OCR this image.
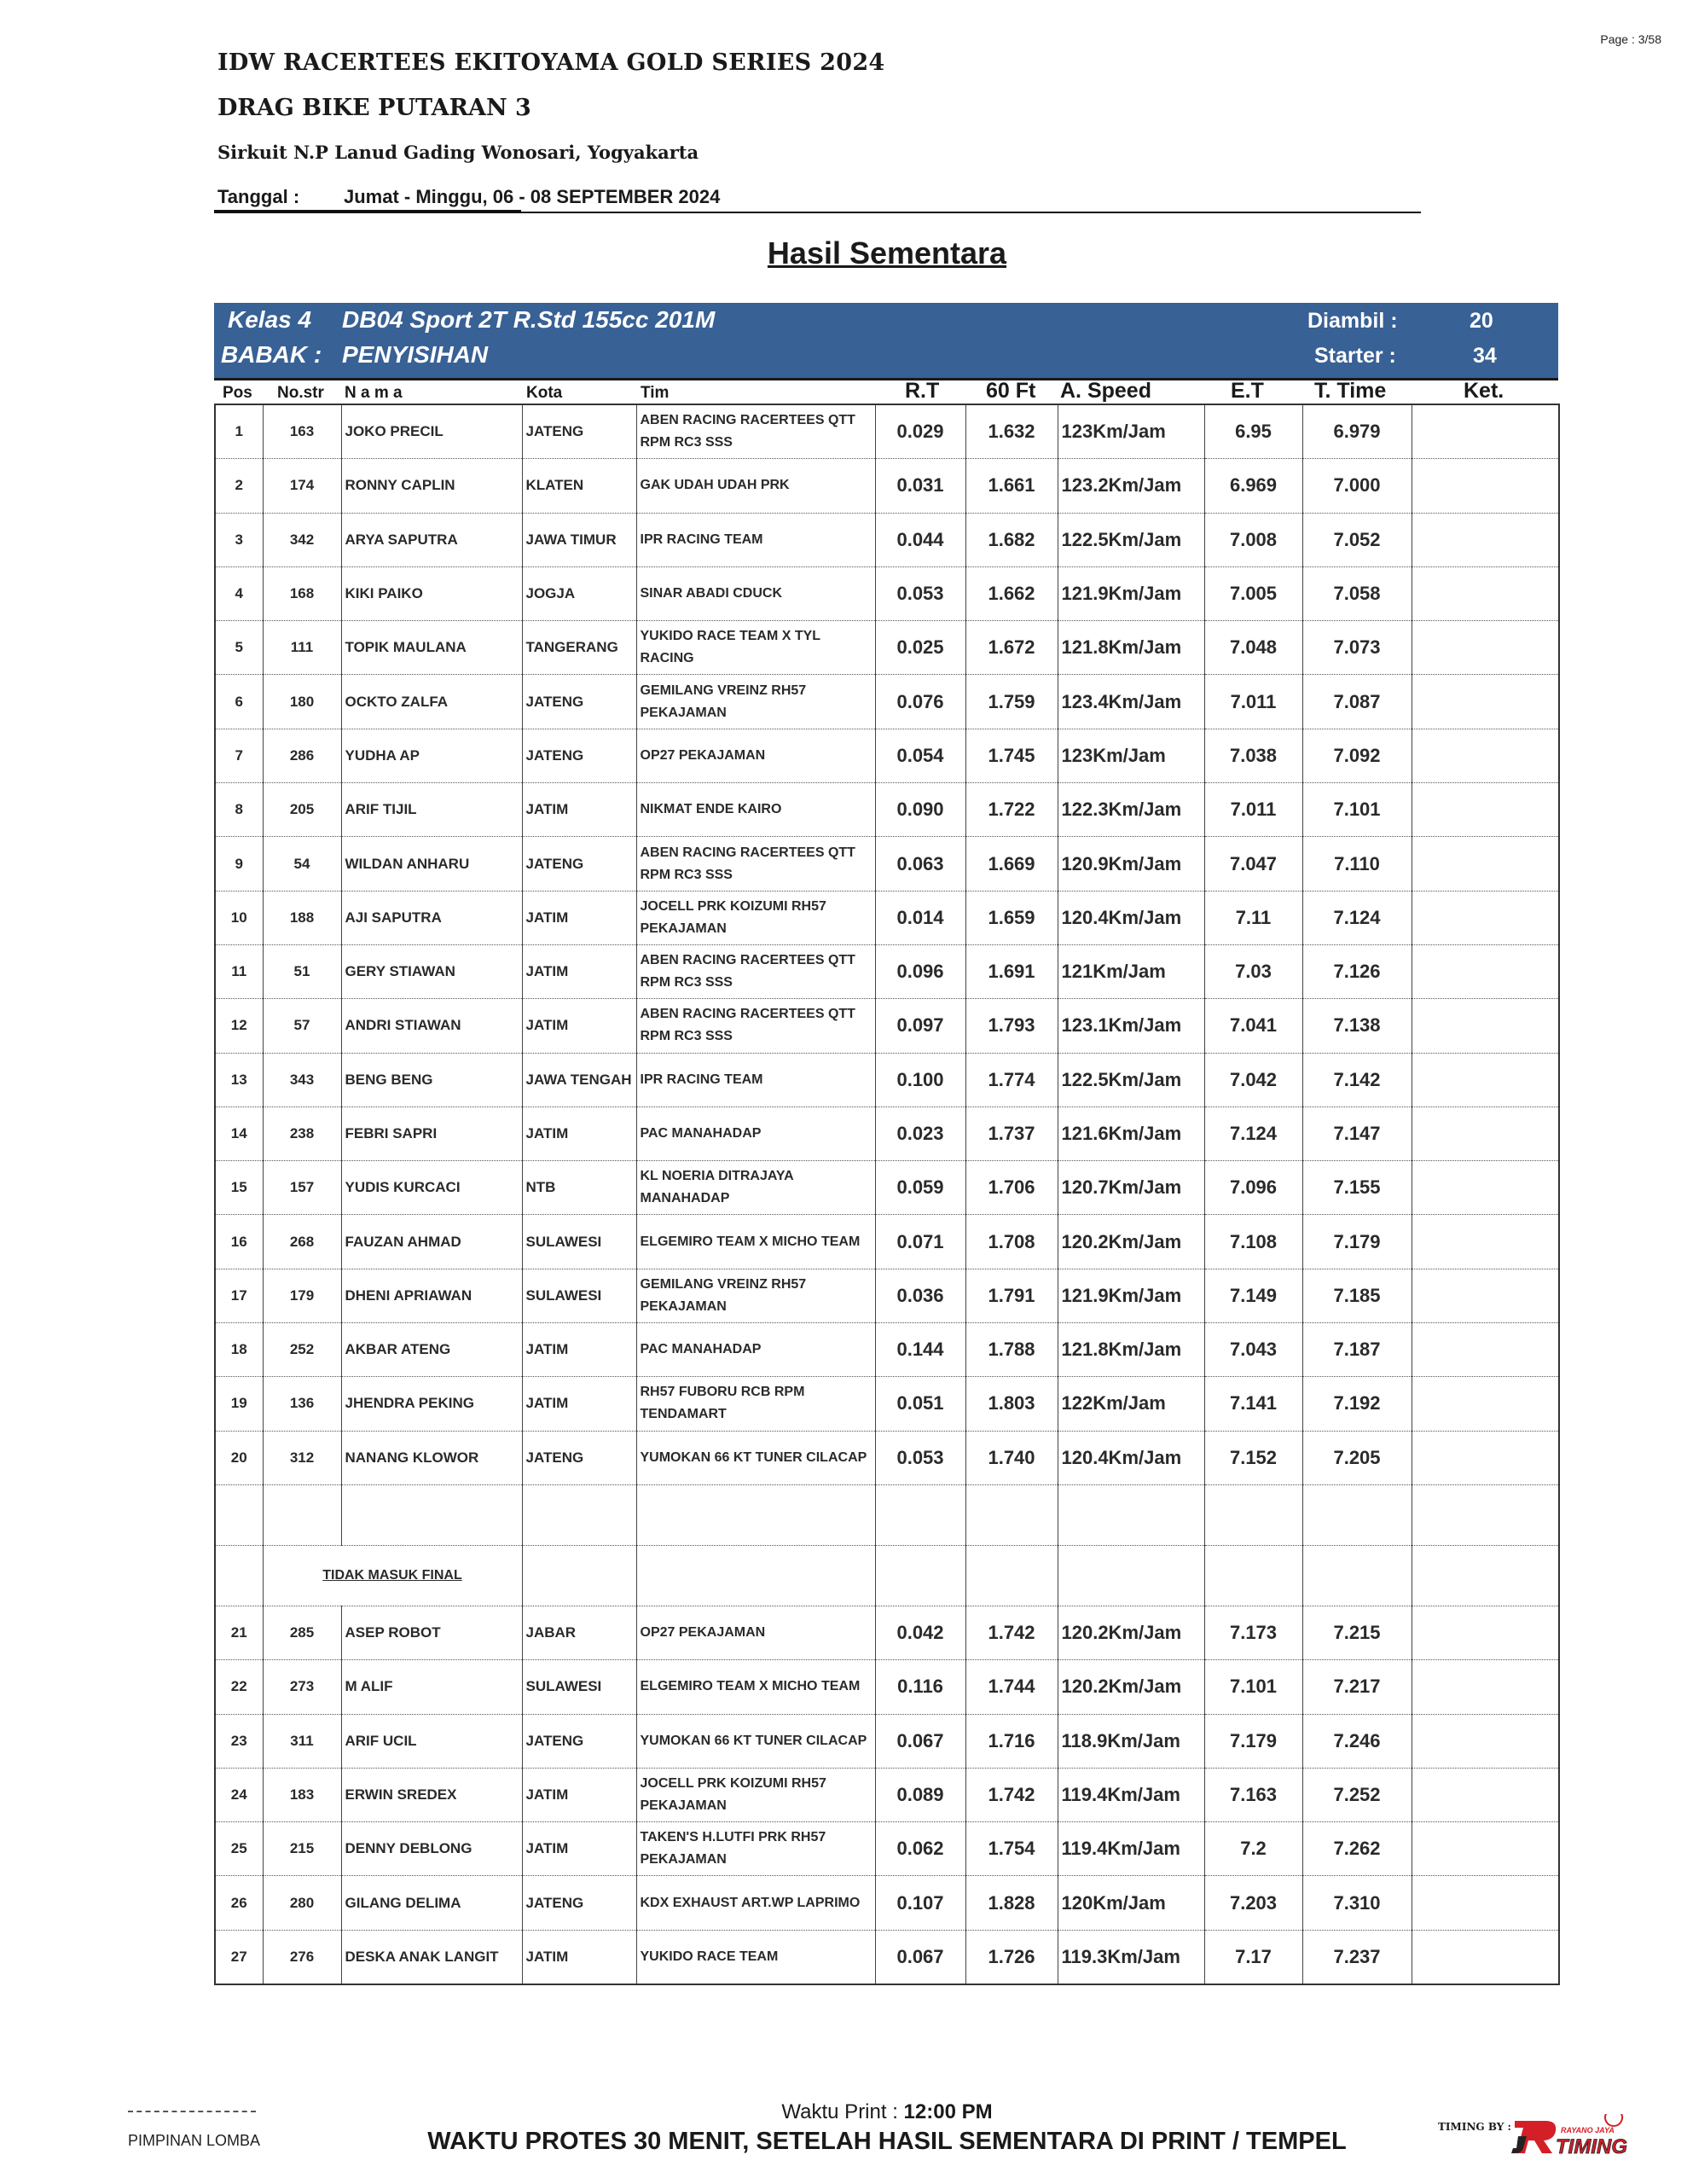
Page : 3/58
IDW RACERTEES EKITOYAMA GOLD SERIES 2024
DRAG BIKE PUTARAN 3
Sirkuit N.P Lanud Gading Wonosari, Yogyakarta
Tanggal : Jumat - Minggu, 06 - 08 SEPTEMBER 2024
Hasil Sementara
Kelas 4 DB04 Sport 2T R.Std 155cc 201M
BABAK : PENYISIHAN
Diambil :	20
Starter :	34
Pos No.str N a m a	Kota	Tim	R.T 60 Ft A. Speed	E.T T. Time	Ket.
1	163	JOKO PRECIL	JATENG	ABEN RACING RACERTEES QTT RPM RC3 SSS	0.029	1.632	123Km/Jam	6.95	6.979	
2	174	RONNY CAPLIN	KLATEN	GAK UDAH UDAH PRK	0.031	1.661	123.2Km/Jam	6.969	7.000	
3	342	ARYA SAPUTRA	JAWA TIMUR	IPR RACING TEAM	0.044	1.682	122.5Km/Jam	7.008	7.052	
4	168	KIKI PAIKO	JOGJA	SINAR ABADI CDUCK	0.053	1.662	121.9Km/Jam	7.005	7.058	
5	111	TOPIK MAULANA	TANGERANG	YUKIDO RACE TEAM X TYL RACING	0.025	1.672	121.8Km/Jam	7.048	7.073	
6	180	OCKTO ZALFA	JATENG	GEMILANG VREINZ RH57 PEKAJAMAN	0.076	1.759	123.4Km/Jam	7.011	7.087	
7	286	YUDHA AP	JATENG	OP27 PEKAJAMAN	0.054	1.745	123Km/Jam	7.038	7.092	
8	205	ARIF TIJIL	JATIM	NIKMAT ENDE KAIRO	0.090	1.722	122.3Km/Jam	7.011	7.101	
9	54	WILDAN ANHARU	JATENG	ABEN RACING RACERTEES QTT RPM RC3 SSS	0.063	1.669	120.9Km/Jam	7.047	7.110	
10	188	AJI SAPUTRA	JATIM	JOCELL PRK KOIZUMI RH57 PEKAJAMAN	0.014	1.659	120.4Km/Jam	7.11	7.124	
11	51	GERY STIAWAN	JATIM	ABEN RACING RACERTEES QTT RPM RC3 SSS	0.096	1.691	121Km/Jam	7.03	7.126	
12	57	ANDRI STIAWAN	JATIM	ABEN RACING RACERTEES QTT RPM RC3 SSS	0.097	1.793	123.1Km/Jam	7.041	7.138	
13	343	BENG BENG	JAWA TENGAH	IPR RACING TEAM	0.100	1.774	122.5Km/Jam	7.042	7.142	
14	238	FEBRI SAPRI	JATIM	PAC MANAHADAP	0.023	1.737	121.6Km/Jam	7.124	7.147	
15	157	YUDIS KURCACI	NTB	KL NOERIA DITRAJAYA MANAHADAP	0.059	1.706	120.7Km/Jam	7.096	7.155	
16	268	FAUZAN AHMAD	SULAWESI	ELGEMIRO TEAM X MICHO TEAM	0.071	1.708	120.2Km/Jam	7.108	7.179	
17	179	DHENI APRIAWAN	SULAWESI	GEMILANG VREINZ RH57 PEKAJAMAN	0.036	1.791	121.9Km/Jam	7.149	7.185	
18	252	AKBAR ATENG	JATIM	PAC MANAHADAP	0.144	1.788	121.8Km/Jam	7.043	7.187	
19	136	JHENDRA PEKING	JATIM	RH57 FUBORU RCB RPM TENDAMART	0.051	1.803	122Km/Jam	7.141	7.192	
20	312	NANANG KLOWOR	JATENG	YUMOKAN 66 KT TUNER CILACAP	0.053	1.740	120.4Km/Jam	7.152	7.205	

	TIDAK MASUK FINAL									
21	285	ASEP ROBOT	JABAR	OP27 PEKAJAMAN	0.042	1.742	120.2Km/Jam	7.173	7.215	
22	273	M ALIF	SULAWESI	ELGEMIRO TEAM X MICHO TEAM	0.116	1.744	120.2Km/Jam	7.101	7.217	
23	311	ARIF UCIL	JATENG	YUMOKAN 66 KT TUNER CILACAP	0.067	1.716	118.9Km/Jam	7.179	7.246	
24	183	ERWIN SREDEX	JATIM	JOCELL PRK KOIZUMI RH57 PEKAJAMAN	0.089	1.742	119.4Km/Jam	7.163	7.252	
25	215	DENNY DEBLONG	JATIM	TAKEN'S H.LUTFI PRK RH57 PEKAJAMAN	0.062	1.754	119.4Km/Jam	7.2	7.262	
26	280	GILANG DELIMA	JATENG	KDX EXHAUST ART.WP LAPRIMO	0.107	1.828	120Km/Jam	7.203	7.310	
27	276	DESKA ANAK LANGIT	JATIM	YUKIDO RACE TEAM	0.067	1.726	119.3Km/Jam	7.17	7.237	
PIMPINAN LOMBA
Waktu Print : 12:00 PM
WAKTU PROTES 30 MENIT, SETELAH HASIL SEMENTARA DI PRINT / TEMPEL
TIMING BY :	RAYANO JAYA
TIMING
